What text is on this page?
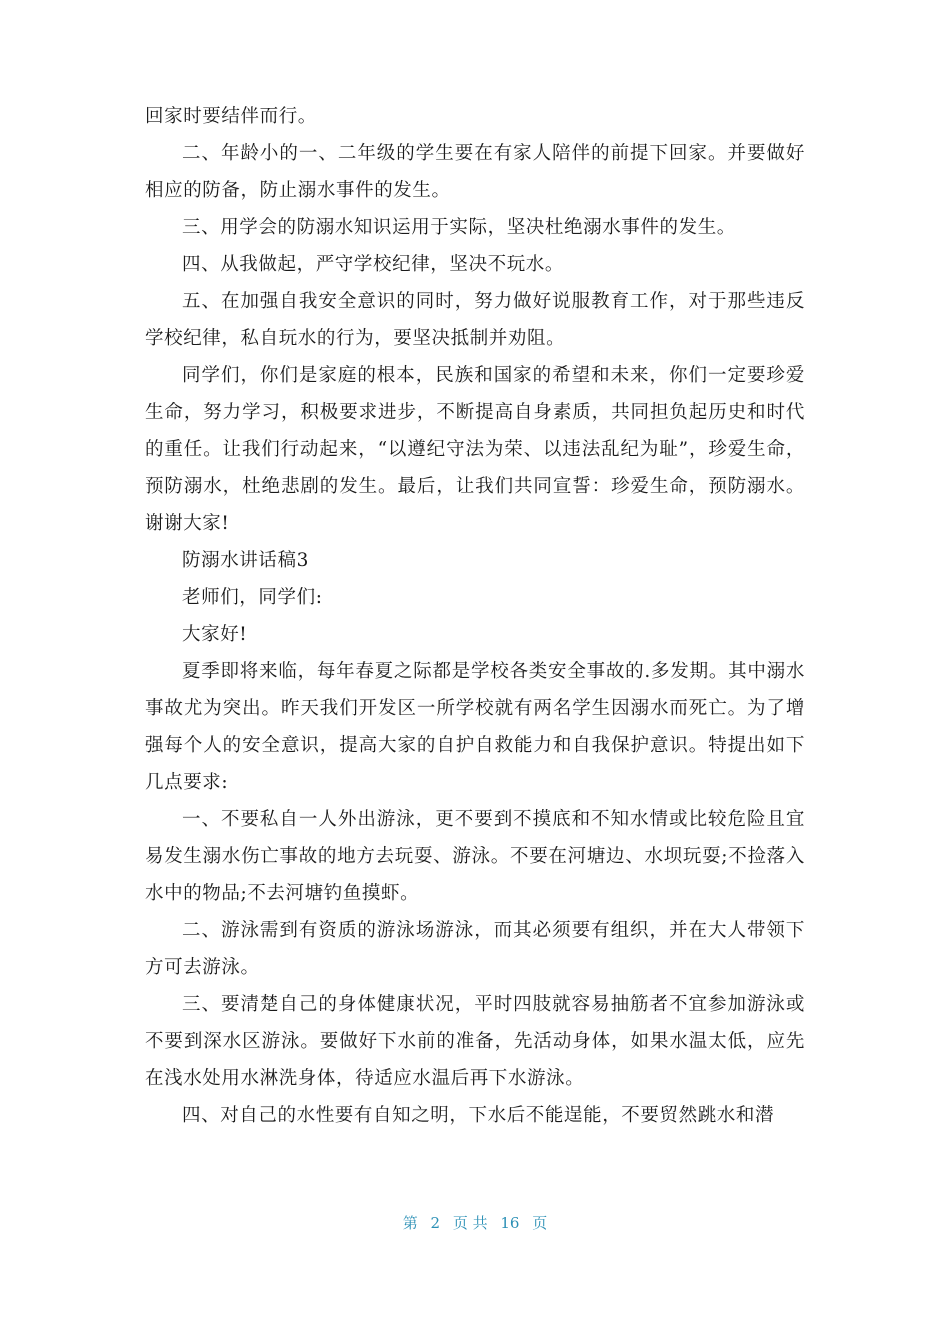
回家时要结伴而行。

二、年龄小的一、二年级的学生要在有家人陪伴的前提下回家。并要做好相应的防备，防止溺水事件的发生。

三、用学会的防溺水知识运用于实际，坚决杜绝溺水事件的发生。

四、从我做起，严守学校纪律，坚决不玩水。

五、在加强自我安全意识的同时，努力做好说服教育工作，对于那些违反学校纪律，私自玩水的行为，要坚决抵制并劝阻。

同学们，你们是家庭的根本，民族和国家的希望和未来，你们一定要珍爱生命，努力学习，积极要求进步，不断提高自身素质，共同担负起历史和时代的重任。让我们行动起来，“以遵纪守法为荣、以违法乱纪为耻”，珍爱生命，预防溺水，杜绝悲剧的发生。最后，让我们共同宣誓：珍爱生命，预防溺水。谢谢大家!

防溺水讲话稿3

老师们，同学们:

大家好!

夏季即将来临，每年春夏之际都是学校各类安全事故的.多发期。其中溺水事故尤为突出。昨天我们开发区一所学校就有两名学生因溺水而死亡。为了增强每个人的安全意识，提高大家的自护自救能力和自我保护意识。特提出如下几点要求:

一、不要私自一人外出游泳，更不要到不摸底和不知水情或比较危险且宜易发生溺水伤亡事故的地方去玩耍、游泳。不要在河塘边、水坝玩耍;不捡落入水中的物品;不去河塘钓鱼摸虾。

二、游泳需到有资质的游泳场游泳，而其必须要有组织，并在大人带领下方可去游泳。

三、要清楚自己的身体健康状况，平时四肢就容易抽筋者不宜参加游泳或不要到深水区游泳。要做好下水前的准备，先活动身体，如果水温太低，应先在浅水处用水淋洗身体，待适应水温后再下水游泳。

四、对自己的水性要有自知之明，下水后不能逞能，不要贸然跳水和潜

第 2 页 共 16 页
